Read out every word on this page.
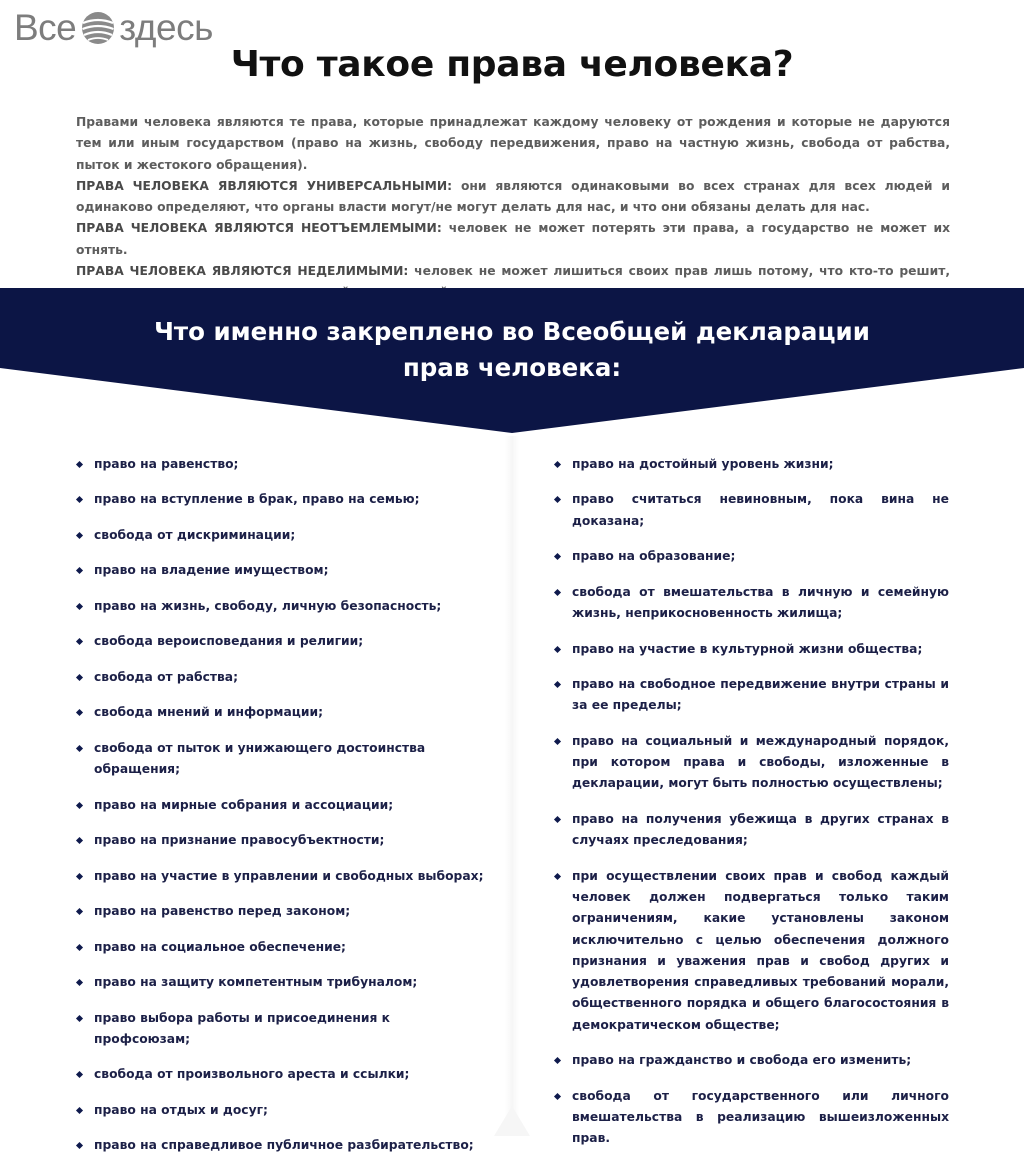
Все здесь
Что такое права человека?

Правами человека являются те права, которые принадлежат каждому человеку от рождения и которые не даруются тем или иным государством (право на жизнь, свободу передвижения, право на частную жизнь, свобода от рабства, пыток и жестокого обращения).

ПРАВА ЧЕЛОВЕКА ЯВЛЯЮТСЯ УНИВЕРСАЛЬНЫМИ: они являются одинаковыми во всех странах для всех людей и одинаково определяют, что органы власти могут/не могут делать для нас, и что они обязаны делать для нас.

ПРАВА ЧЕЛОВЕКА ЯВЛЯЮТСЯ НЕОТЪЕМЛЕМЫМИ: человек не может потерять эти права, а государство не может их отнять.

ПРАВА ЧЕЛОВЕКА ЯВЛЯЮТСЯ НЕДЕЛИМЫМИ: человек не может лишиться своих прав лишь потому, что кто-то решит,

Что именно закреплено во Всеобщей декларации
прав человека:
право на равенство;
право на вступление в брак, право на семью;
свобода от дискриминации;
право на владение имуществом;
право на жизнь, свободу, личную безопасность;
свобода вероисповедания и религии;
свобода от рабства;
свобода мнений и информации;
свобода от пыток и унижающего достоинства обращения;
право на мирные собрания и ассоциации;
право на признание правосубъектности;
право на участие в управлении и свободных выборах;
право на равенство перед законом;
право на социальное обеспечение;
право на защиту компетентным трибуналом;
право выбора работы и присоединения к профсоюзам;
свобода от произвольного ареста и ссылки;
право на отдых и досуг;
право на справедливое публичное разбирательство;
право на достойный уровень жизни;
право считаться невиновным, пока вина не доказана;
право на образование;
свобода от вмешательства в личную и семейную жизнь, неприкосновенность жилища;
право на участие в культурной жизни общества;
право на свободное передвижение внутри страны и за ее пределы;
право на социальный и международный порядок, при котором права и свободы, изложенные в декларации, могут быть полностью осуществлены;
право на получения убежища в других странах в случаях преследования;
при осуществлении своих прав и свобод каждый человек должен подвергаться только таким ограничениям, какие установлены законом исключительно с целью обеспечения должного признания и уважения прав и свобод других и удовлетворения справедливых требований морали, общественного порядка и общего благосостояния в демократическом обществе;
право на гражданство и свобода его изменить;
свобода от государственного или личного вмешательства в реализацию вышеизложенных прав.
